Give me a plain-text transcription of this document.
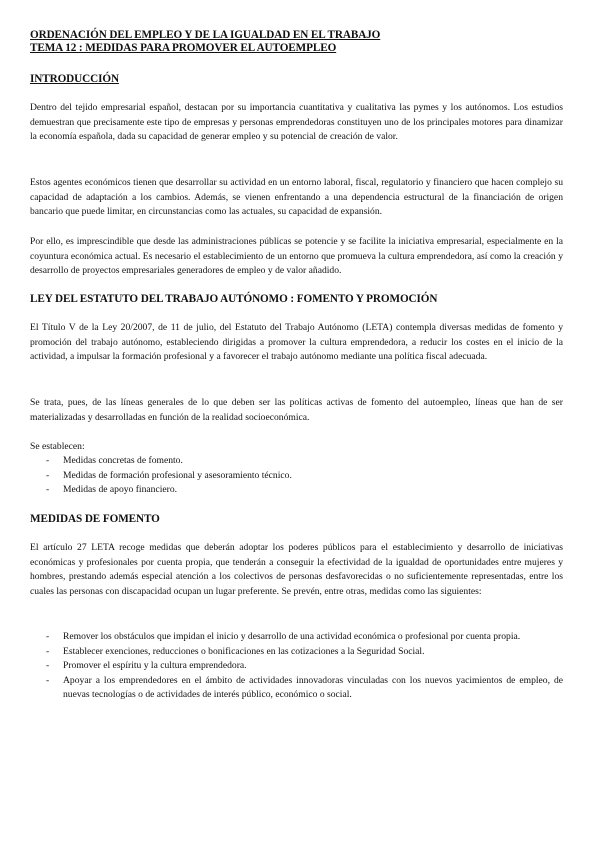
ORDENACIÓN DEL EMPLEO Y DE LA IGUALDAD EN EL TRABAJO
TEMA 12 : MEDIDAS PARA PROMOVER EL AUTOEMPLEO
INTRODUCCIÓN

Dentro del tejido empresarial español, destacan por su importancia cuantitativa y cualitativa las pymes y los autónomos. Los estudios demuestran que precisamente este tipo de empresas y personas emprendedoras constituyen uno de los principales motores para dinamizar la economía española, dada su capacidad de generar empleo y su potencial de creación de valor.

Estos agentes económicos tienen que desarrollar su actividad en un entorno laboral, fiscal, regulatorio y financiero que hacen complejo su capacidad de adaptación a los cambios. Además, se vienen enfrentando a una dependencia estructural de la financiación de origen bancario que puede limitar, en circunstancias como las actuales, su capacidad de expansión.

Por ello, es imprescindible que desde las administraciones públicas se potencie y se facilite la iniciativa empresarial, especialmente en la coyuntura económica actual. Es necesario el establecimiento de un entorno que promueva la cultura emprendedora, así como la creación y desarrollo de proyectos empresariales generadores de empleo y de valor añadido.

LEY DEL ESTATUTO DEL TRABAJO AUTÓNOMO : FOMENTO Y PROMOCIÓN

El Título V de la Ley 20/2007, de 11 de julio, del Estatuto del Trabajo Autónomo (LETA) contempla diversas medidas de fomento y promoción del trabajo autónomo, estableciendo dirigidas a promover la cultura emprendedora, a reducir los costes en el inicio de la actividad, a impulsar la formación profesional y a favorecer el trabajo autónomo mediante una política fiscal adecuada.

Se trata, pues, de las líneas generales de lo que deben ser las políticas activas de fomento del autoempleo, líneas que han de ser materializadas y desarrolladas en función de la realidad socioeconómica.

Se establecen:

- Medidas concretas de fomento.
- Medidas de formación profesional y asesoramiento técnico.
- Medidas de apoyo financiero.
MEDIDAS DE FOMENTO

El artículo 27 LETA recoge medidas que deberán adoptar los poderes públicos para el establecimiento y desarrollo de iniciativas económicas y profesionales por cuenta propia, que tenderán a conseguir la efectividad de la igualdad de oportunidades entre mujeres y hombres, prestando además especial atención a los colectivos de personas desfavorecidas o no suficientemente representadas, entre los cuales las personas con discapacidad ocupan un lugar preferente. Se prevén, entre otras, medidas como las siguientes:

- Remover los obstáculos que impidan el inicio y desarrollo de una actividad económica o profesional por cuenta propia.
- Establecer exenciones, reducciones o bonificaciones en las cotizaciones a la Seguridad Social.
- Promover el espíritu y la cultura emprendedora.
- Apoyar a los emprendedores en el ámbito de actividades innovadoras vinculadas con los nuevos yacimientos de empleo, de nuevas tecnologías o de actividades de interés público, económico o social.
